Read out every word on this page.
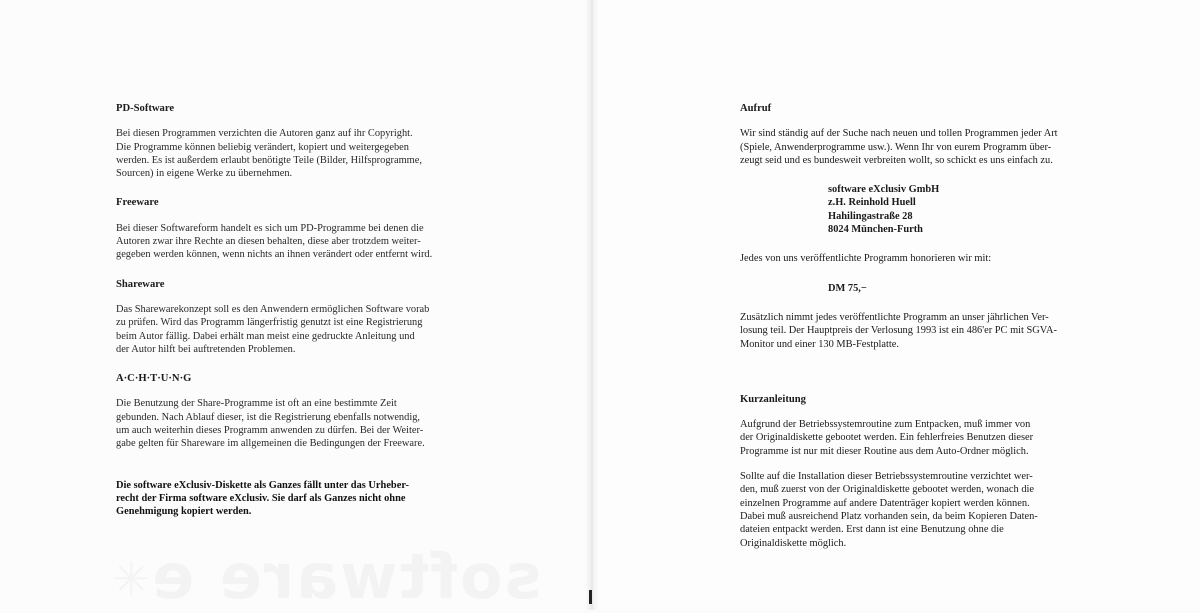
PD-Software

Bei diesen Programmen verzichten die Autoren ganz auf ihr Copyright.
Die Programme können beliebig verändert, kopiert und weitergegeben
werden. Es ist außerdem erlaubt benötigte Teile (Bilder, Hilfsprogramme,
Sourcen) in eigene Werke zu übernehmen.

Freeware

Bei dieser Softwareform handelt es sich um PD-Programme bei denen die
Autoren zwar ihre Rechte an diesen behalten, diese aber trotzdem weiter-
gegeben werden können, wenn nichts an ihnen verändert oder entfernt wird.

Shareware

Das Sharewarekonzept soll es den Anwendern ermöglichen Software vorab
zu prüfen. Wird das Programm längerfristig genutzt ist eine Registrierung
beim Autor fällig. Dabei erhält man meist eine gedruckte Anleitung und
der Autor hilft bei auftretenden Problemen.

A·C·H·T·U·N·G

Die Benutzung der Share-Programme ist oft an eine bestimmte Zeit
gebunden. Nach Ablauf dieser, ist die Registrierung ebenfalls notwendig,
um auch weiterhin dieses Programm anwenden zu dürfen. Bei der Weiter-
gabe gelten für Shareware im allgemeinen die Bedingungen der Freeware.
Die software eXclusiv-Diskette als Ganzes fällt unter das Urheber-
recht der Firma software eXclusiv. Sie darf als Ganzes nicht ohne
Genehmigung kopiert werden.

Aufruf

Wir sind ständig auf der Suche nach neuen und tollen Programmen jeder Art
(Spiele, Anwenderprogramme usw.). Wenn Ihr von eurem Programm über-
zeugt seid und es bundesweit verbreiten wollt, so schickt es uns einfach zu.
software eXclusiv GmbH
z.H. Reinhold Huell
Hahilingastraße 28
8024 München-Furth
Jedes von uns veröffentlichte Programm honorieren wir mit:
DM 75,−
Zusätzlich nimmt jedes veröffentlichte Programm an unser jährlichen Ver-
losung teil. Der Hauptpreis der Verlosung 1993 ist ein 486'er PC mit SGVA-
Monitor und einer 130 MB-Festplatte.

Kurzanleitung

Aufgrund der Betriebssystemroutine zum Entpacken, muß immer von
der Originaldiskette gebootet werden. Ein fehlerfreies Benutzen dieser
Programme ist nur mit dieser Routine aus dem Auto-Ordner möglich.
Sollte auf die Installation dieser Betriebssystemroutine verzichtet wer-
den, muß zuerst von der Originaldiskette gebootet werden, wonach die
einzelnen Programme auf andere Datenträger kopiert werden können.
Dabei muß ausreichend Platz vorhanden sein, da beim Kopieren Daten-
dateien entpackt werden. Erst dann ist eine Benutzung ohne die
Originaldiskette möglich.
